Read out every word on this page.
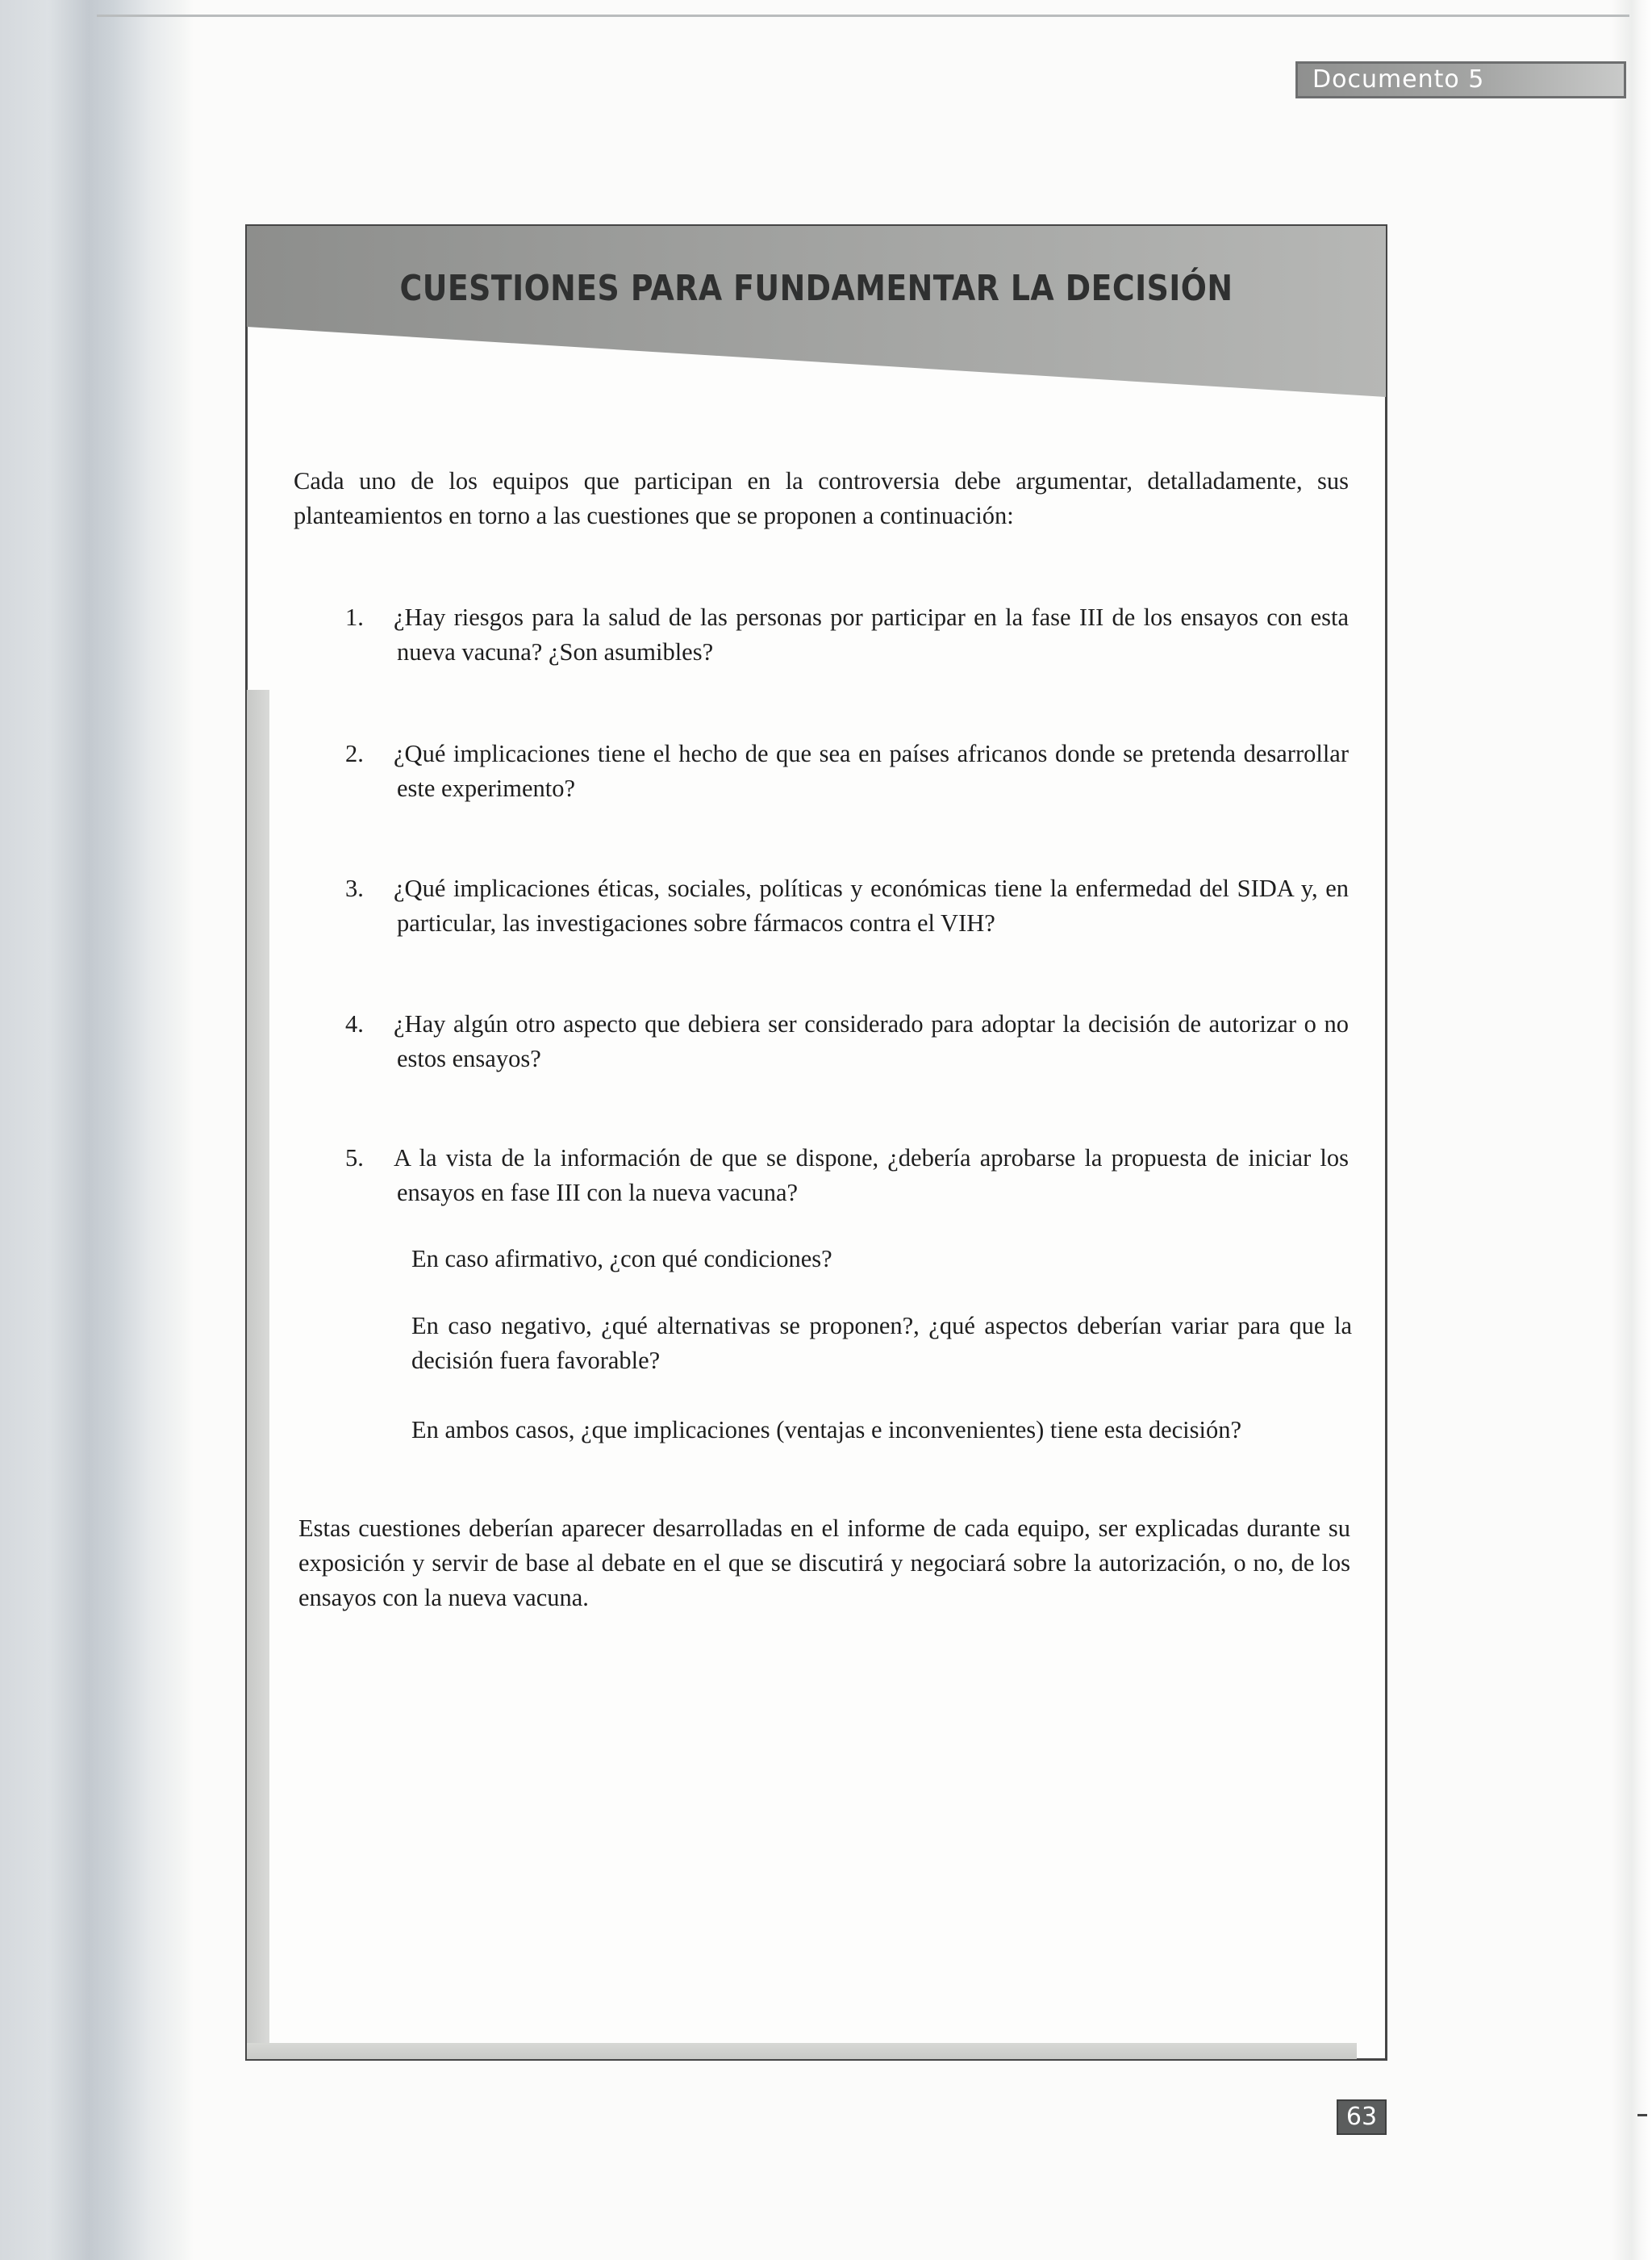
Documento 5
CUESTIONES PARA FUNDAMENTAR LA DECISIÓN

Cada uno de los equipos que participan en la controversia debe argumentar, detalladamente, sus planteamientos en torno a las cuestiones que se proponen a continuación:

1. ¿Hay riesgos para la salud de las personas por participar en la fase III de los ensayos con esta nueva vacuna? ¿Son asumibles?
2. ¿Qué implicaciones tiene el hecho de que sea en países africanos donde se pretenda desarrollar este experimento?
3. ¿Qué implicaciones éticas, sociales, políticas y económicas tiene la enfermedad del SIDA y, en particular, las investigaciones sobre fármacos contra el VIH?
4. ¿Hay algún otro aspecto que debiera ser considerado para adoptar la decisión de autorizar o no estos ensayos?
5. A la vista de la información de que se dispone, ¿debería aprobarse la propuesta de iniciar los ensayos en fase III con la nueva vacuna?
En caso afirmativo, ¿con qué condiciones?
En caso negativo, ¿qué alternativas se proponen?, ¿qué aspectos deberían variar para que la decisión fuera favorable?
En ambos casos, ¿que implicaciones (ventajas e inconvenientes) tiene esta decisión?

Estas cuestiones deberían aparecer desarrolladas en el informe de cada equipo, ser explicadas durante su exposición y servir de base al debate en el que se discutirá y negociará sobre la autorización, o no, de los ensayos con la nueva vacuna.

63
